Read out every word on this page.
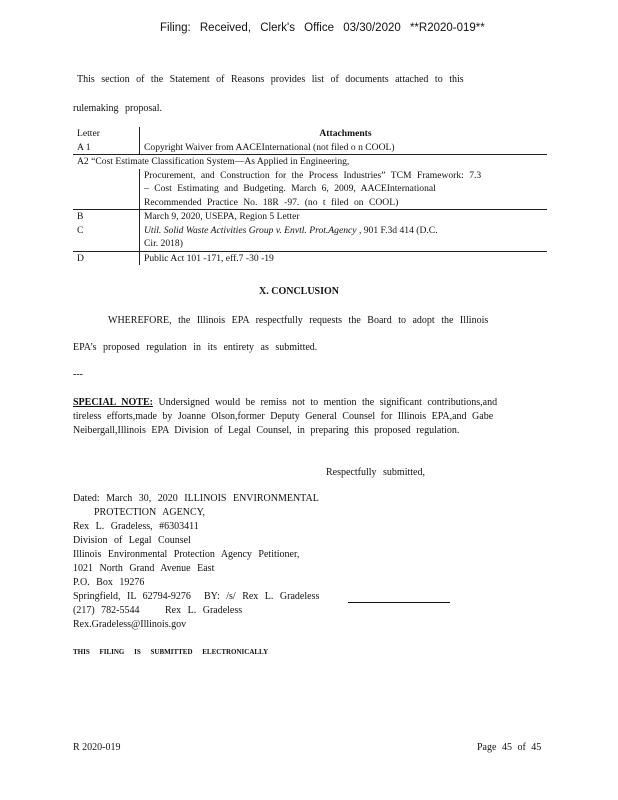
Filing: Received, Clerk's Office 03/30/2020 **R2020-019**
This section of the Statement of Reasons provides list of documents attached to this
rulemaking proposal.
Letter	Attachments
A 1	Copyright Waiver from AACEInternational (not filed o n COOL)
A2 “Cost Estimate Classification System—As Applied in Engineering,	

	Procurement, and Construction for the Process Industries” TCM Framework: 7.3
– Cost Estimating and Budgeting. March 6, 2009, AACEInternational
Recommended Practice No. 18R -97. (no t filed on COOL)

B	March 9, 2020, USEPA, Region 5 Letter
C	Util. Solid Waste Activities Group v. Envtl. Prot.Agency , 901 F.3d 414 (D.C.
Cir. 2018)

D	Public Act 101 -171, eff.7 -30 -19
X. CONCLUSION
WHEREFORE, the Illinois EPA respectfully requests the Board to adopt the Illinois
EPA’s proposed regulation in its entirety as submitted.
---
SPECIAL NOTE: Undersigned would be remiss not to mention the significant contributions,and
tireless efforts,made by Joanne Olson,former Deputy General Counsel for Illinois EPA,and Gabe
Neibergall,Illinois EPA Division of Legal Counsel, in preparing this proposed regulation.
Respectfully submitted,
Dated: March 30, 2020 ILLINOIS ENVIRONMENTAL
PROTECTION AGENCY,
Rex L. Gradeless, #6303411
Division of Legal Counsel
Illinois Environmental Protection Agency Petitioner,
1021 North Grand Avenue East
P.O. Box 19276
Springfield, IL 62794-9276 BY: /s/ Rex L. Gradeless
(217) 782-5544	Rex L. Gradeless
Rex.Gradeless@Illinois.gov
THIS FILING IS SUBMITTED ELECTRONICALLY
R 2020-019	Page 45 of 45
